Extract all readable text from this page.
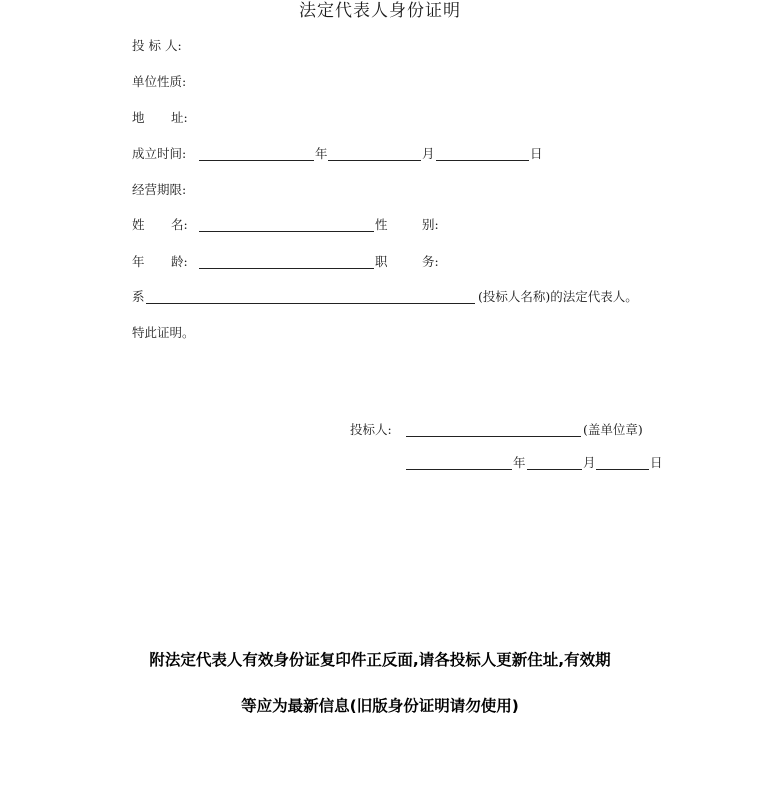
法定代表人身份证明
投 标 人:
单位性质:
地 址:
成立时间:	年	月	日
经营期限:
姓 名:	性	别:
年 龄:	职	务:
系	(投标人名称)的法定代表人。
特此证明。
投标人:	(盖单位章)
年	月	日
附法定代表人有效身份证复印件正反面,请各投标人更新住址,有效期
等应为最新信息(旧版身份证明请勿使用)
